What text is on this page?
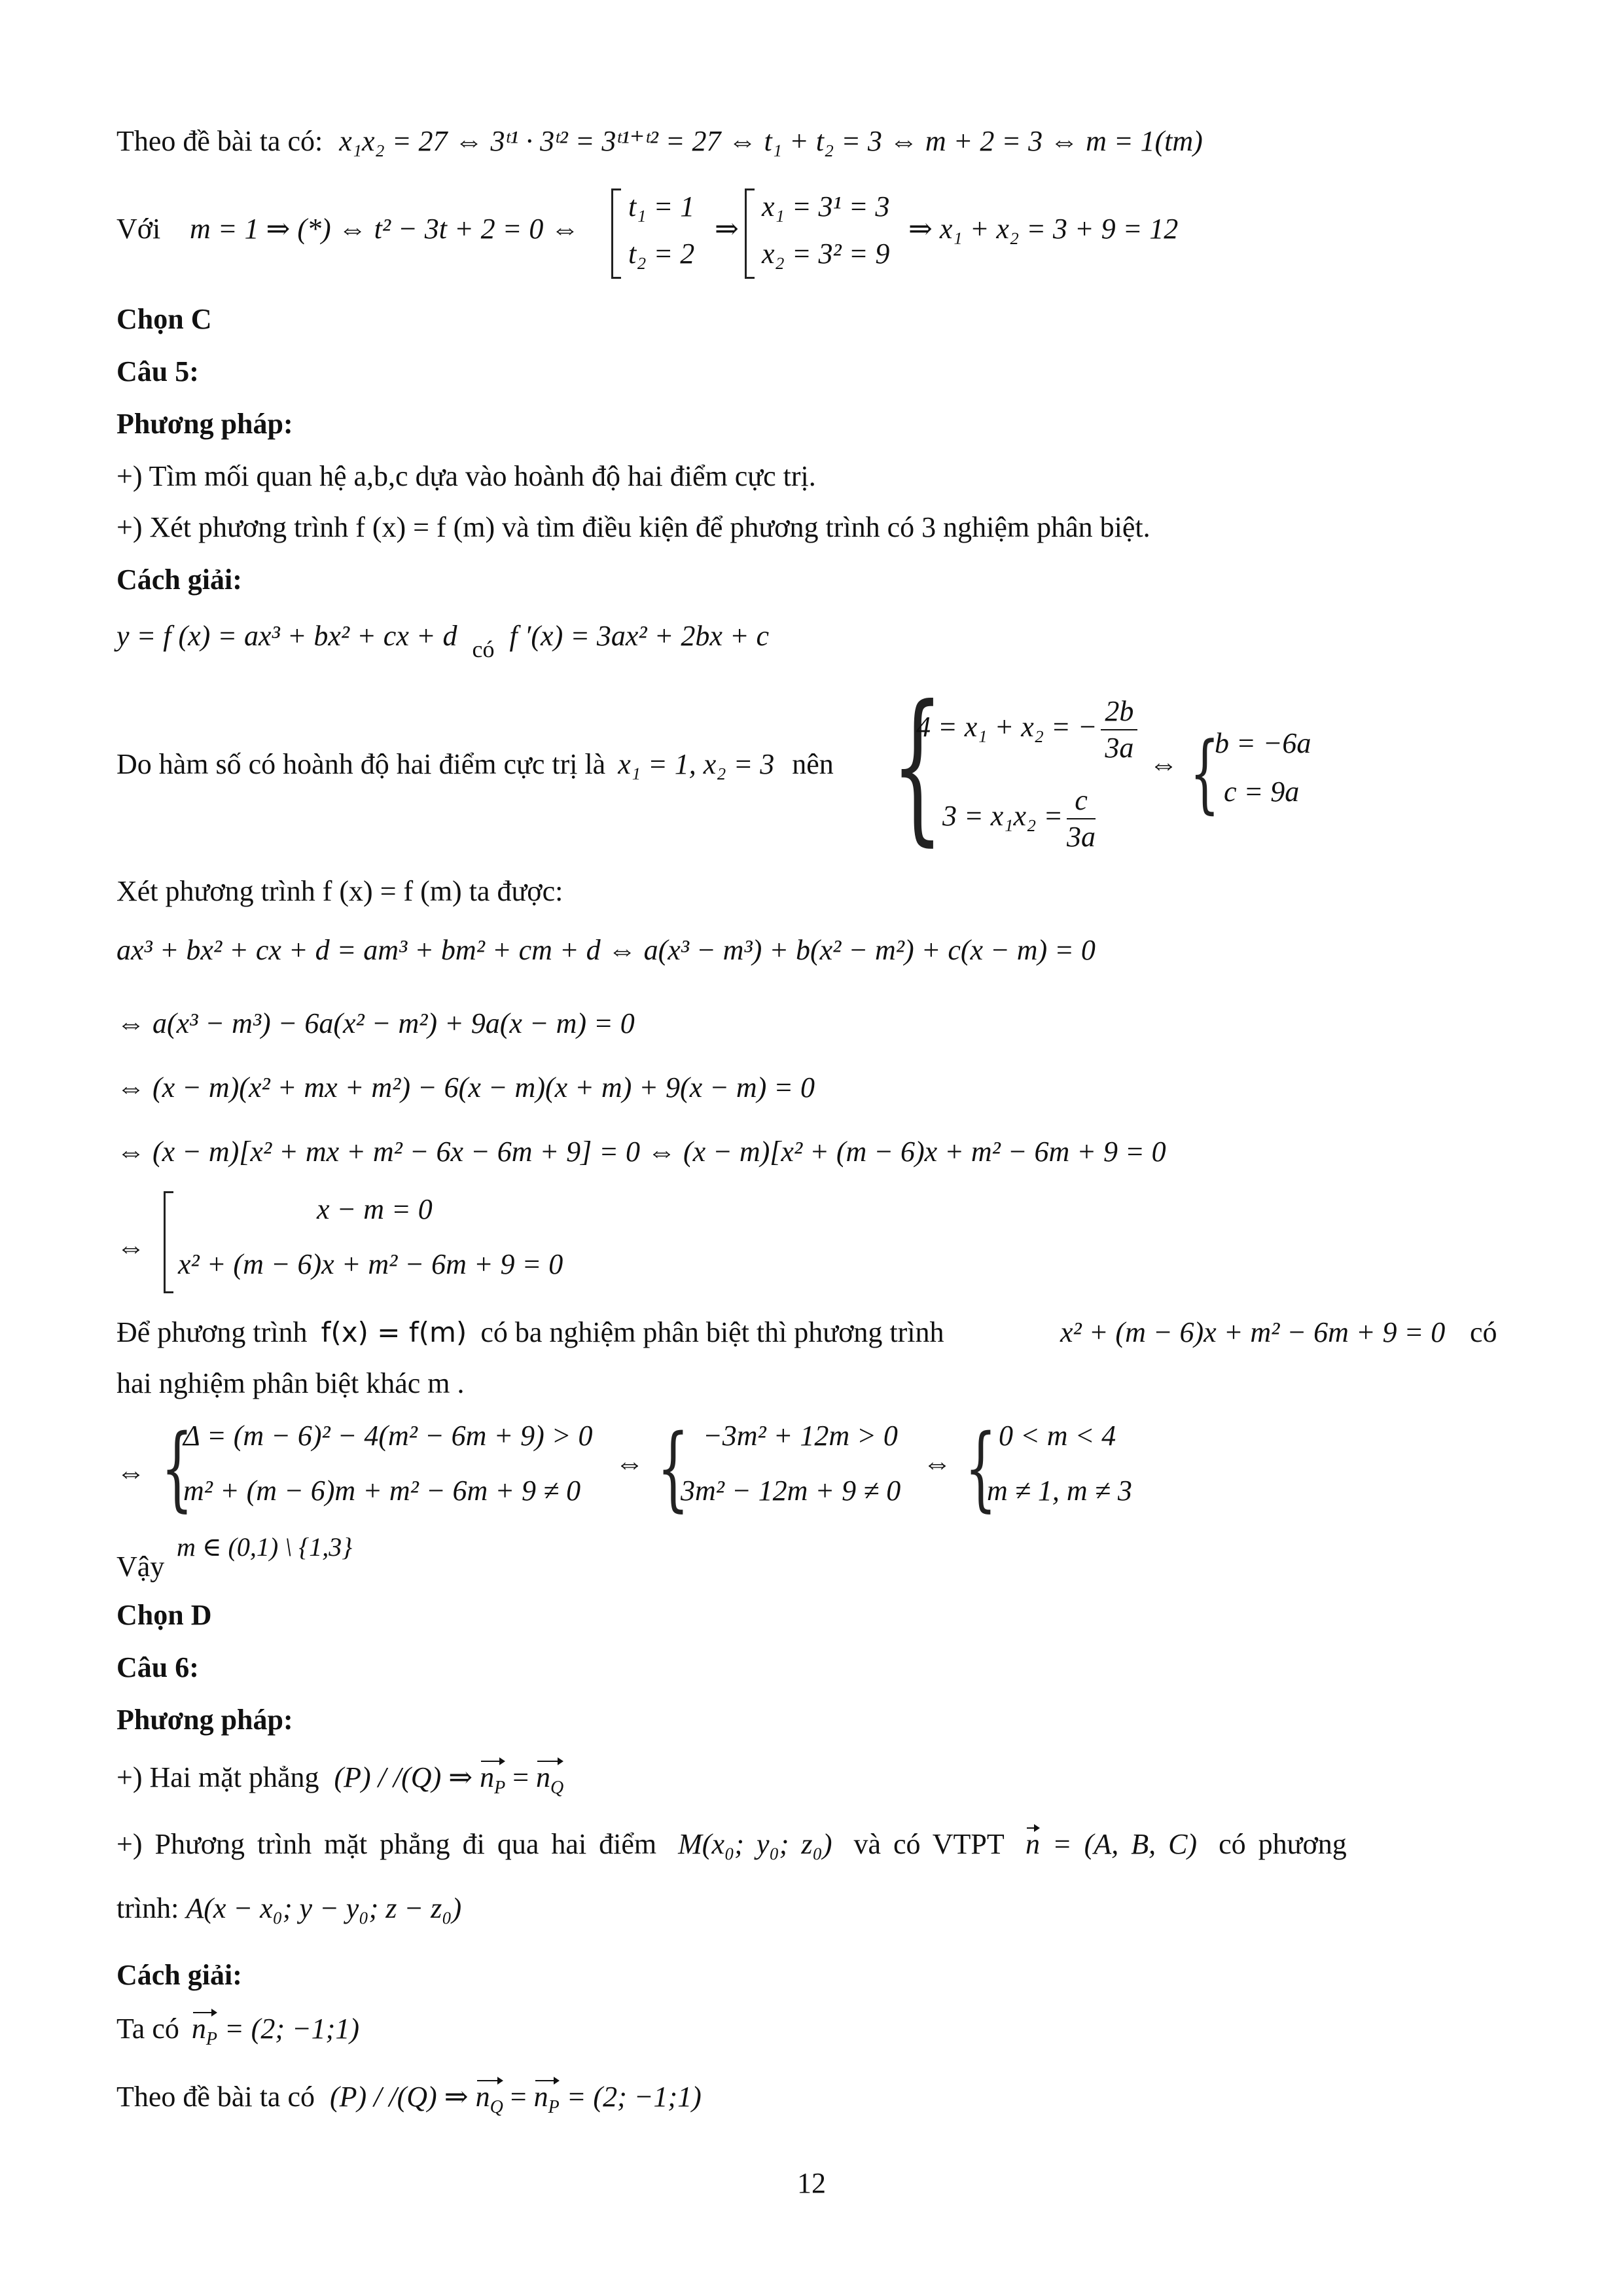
Theo đề bài ta có: x₁x₂ = 27 ⇔ 3ᵗ¹ · 3ᵗ² = 3ᵗ¹⁺ᵗ² = 27 ⇔ t₁ + t₂ = 3 ⇔ m + 2 = 3 ⇔ m = 1(tm)
Với m = 1 ⇒ (*) ⇔ t² − 3t + 2 = 0 ⇔
t₁ = 1
t₂ = 2
⇒
x₁ = 3¹ = 3
x₂ = 3² = 9
⇒ x₁ + x₂ = 3 + 9 = 12
Chọn C
Câu 5:
Phương pháp:
+) Tìm mối quan hệ a,b,c dựa vào hoành độ hai điểm cực trị.
+) Xét phương trình f (x) = f (m) và tìm điều kiện để phương trình có 3 nghiệm phân biệt.
Cách giải:
y = f (x) = ax³ + bx² + cx + d $_{có}$ f ′(x) = 3ax² + 2bx + c
Do hàm số có hoành độ hai điểm cực trị là x₁ = 1, x₂ = 3 nên {
4 = x₁ + x₂ = − $\frac{2b}{3a}$
$3 = x_1x_2 = \frac{c}{3a}$
⇔ {
b = −6a
c = 9a
Xét phương trình f (x) = f (m) ta được:
ax³ + bx² + cx + d = am³ + bm² + cm + d ⇔ a(x³ − m³) + b(x² − m²) + c(x − m) = 0
⇔ a(x³ − m³) − 6a(x² − m²) + 9a(x − m) = 0
⇔ (x − m)(x² + mx + m²) − 6(x − m)(x + m) + 9(x − m) = 0
⇔ (x − m)[x² + mx + m² − 6x − 6m + 9] = 0 ⇔ (x − m)[x² + (m − 6)x + m² − 6m + 9 = 0
⇔
x − m = 0
x² + (m − 6)x + m² − 6m + 9 = 0
Để phương trình f(x) = f(m) có ba nghiệm phân biệt thì phương trình	x² + (m − 6)x + m² − 6m + 9 = 0 có
hai nghiệm phân biệt khác m .
⇔ {
Δ = (m − 6)² − 4(m² − 6m + 9) > 0
m² + (m − 6)m + m² − 6m + 9 ≠ 0
⇔ { −3m² + 12m > 0
3m² − 12m + 9 ≠ 0
⇔ { 0 < m < 4
m ≠ 1, m ≠ 3
Vậy
m ∈ (0,1) \ {1,3}
Chọn D
Câu 6:
Phương pháp:
+) Hai mặt phẳng (P) / /(Q) ⇒ $n_P = n_Q$
+) Phương trình mặt phẳng đi qua hai điểm M(x₀; y₀; z₀) và có VTPT n = (A, B, C) có phương
trình: A(x − x₀; y − y₀; z − z₀)
Cách giải:
Ta có $n_P = (2$; −1;1)
Theo đề bài ta có (P) / /(Q) ⇒ $n_Q = n_P = (2$; −1;1)
12
